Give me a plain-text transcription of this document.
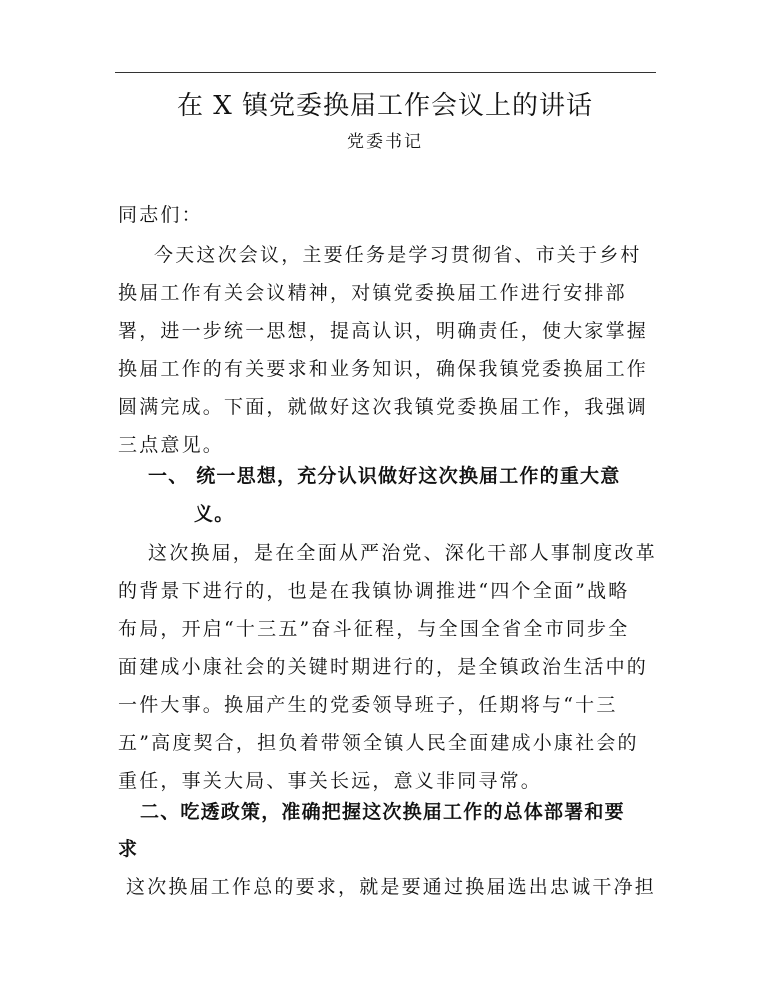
在 X 镇党委换届工作会议上的讲话
党委书记
同志们：
今天这次会议，主要任务是学习贯彻省、市关于乡村
换届工作有关会议精神，对镇党委换届工作进行安排部
署，进一步统一思想，提高认识，明确责任，使大家掌握
换届工作的有关要求和业务知识，确保我镇党委换届工作
圆满完成。下面，就做好这次我镇党委换届工作，我强调
三点意见。
一、 统一思想，充分认识做好这次换届工作的重大意
义。
这次换届，是在全面从严治党、深化干部人事制度改革
的背景下进行的，也是在我镇协调推进“四个全面”战略
布局，开启“十三五”奋斗征程，与全国全省全市同步全
面建成小康社会的关键时期进行的，是全镇政治生活中的
一件大事。换届产生的党委领导班子，任期将与“十三
五”高度契合，担负着带领全镇人民全面建成小康社会的
重任，事关大局、事关长远，意义非同寻常。
二、吃透政策，准确把握这次换届工作的总体部署和要
求
这次换届工作总的要求，就是要通过换届选出忠诚干净担
